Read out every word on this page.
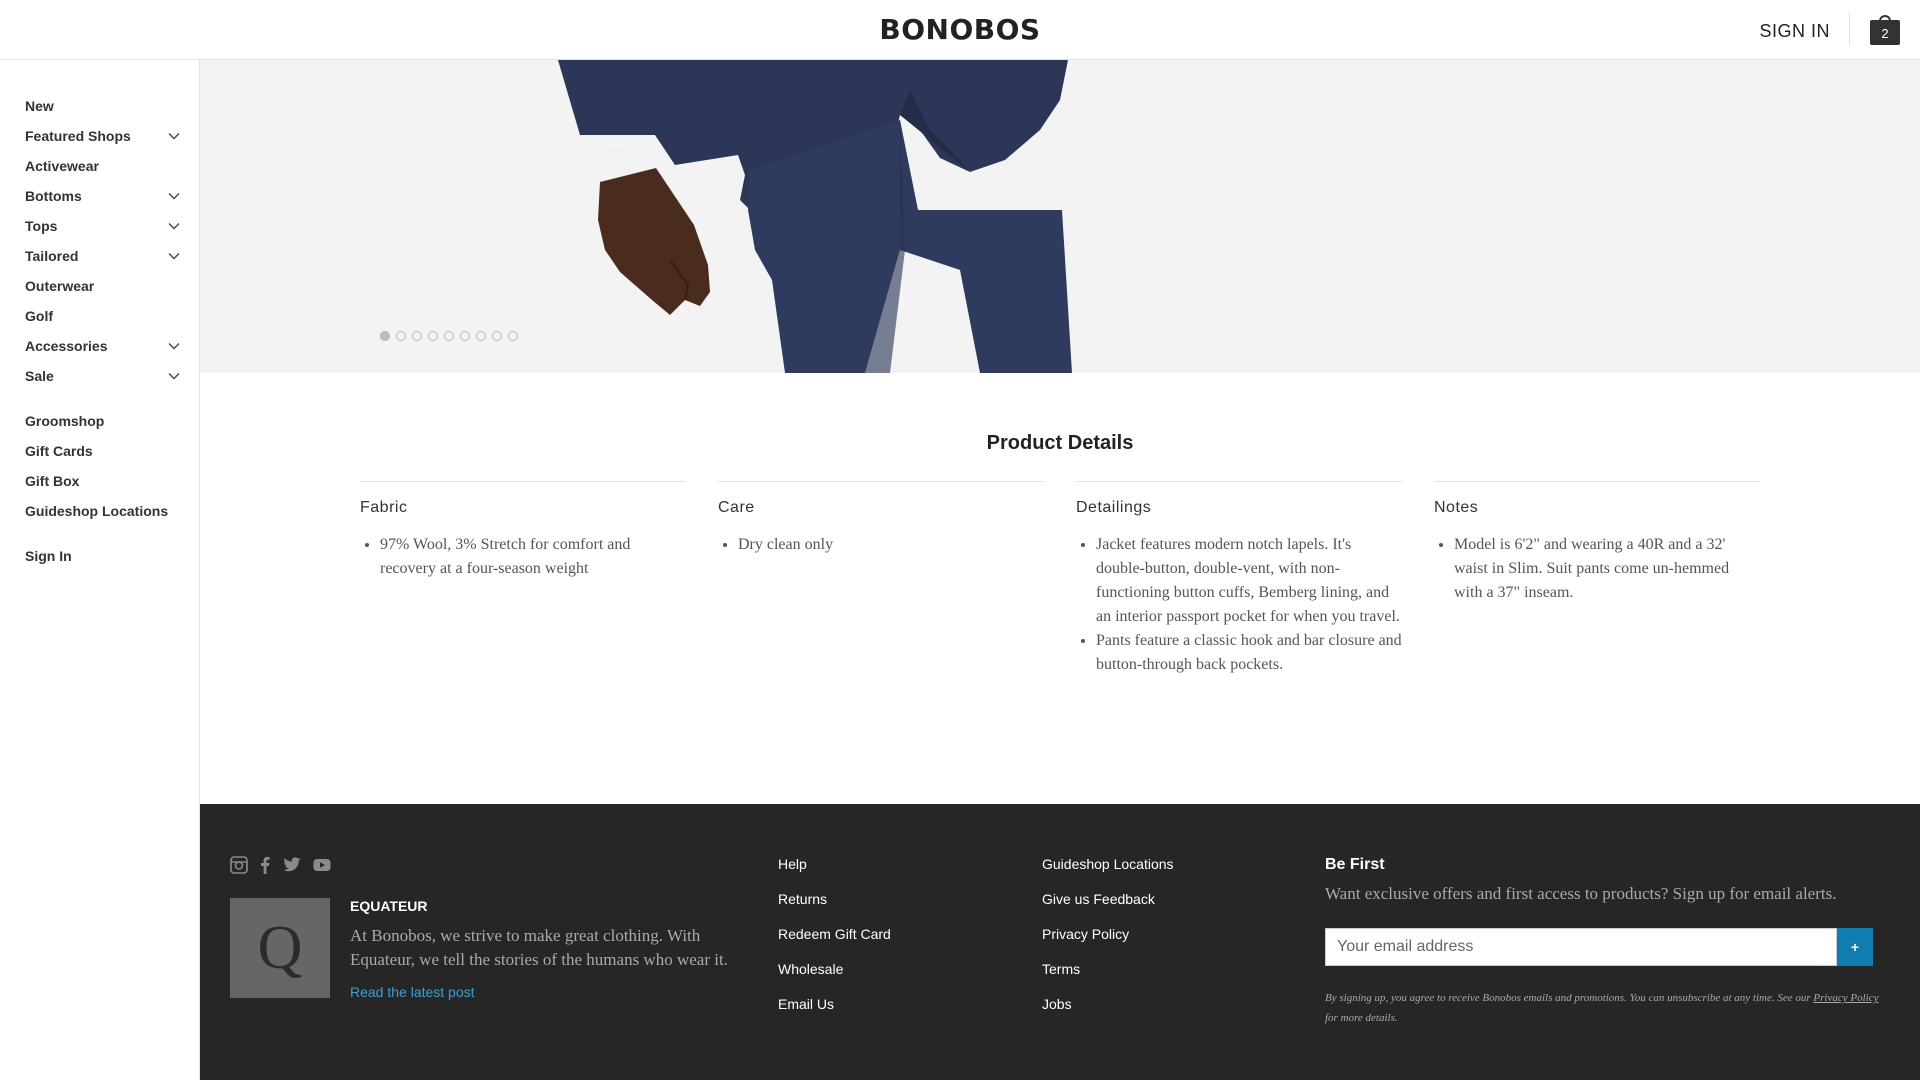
BONOBOS	SIGN IN	2
New
Featured Shops
Activewear
Bottoms
Tops
Tailored
Outerwear
Golf
Accessories
Sale
Groomshop
Gift Cards
Gift Box
Guideshop Locations
Sign In
Product Details
Fabric
• 97% Wool, 3% Stretch for comfort and recovery at a four-season weight
Care
• Dry clean only
Detailings
• Jacket features modern notch lapels. It's double-button, double-vent, with non-functioning button cuffs, Bemberg lining, and an interior passport pocket for when you travel.
• Pants feature a classic hook and bar closure and button-through back pockets.
Notes
• Model is 6'2" and wearing a 40R and a 32' waist in Slim. Suit pants come un-hemmed with a 37" inseam.

Q
EQUATEUR
At Bonobos, we strive to make great clothing. With Equateur, we tell the stories of the humans who wear it.
Read the latest post
Help
Returns
Redeem Gift Card
Wholesale
Email Us
Guideshop Locations
Give us Feedback
Privacy Policy
Terms
Jobs
Be First
Want exclusive offers and first access to products? Sign up for email alerts.
Your email address
+
By signing up, you agree to receive Bonobos emails and promotions. You can unsubscribe at any time. See our Privacy Policy for more details.
